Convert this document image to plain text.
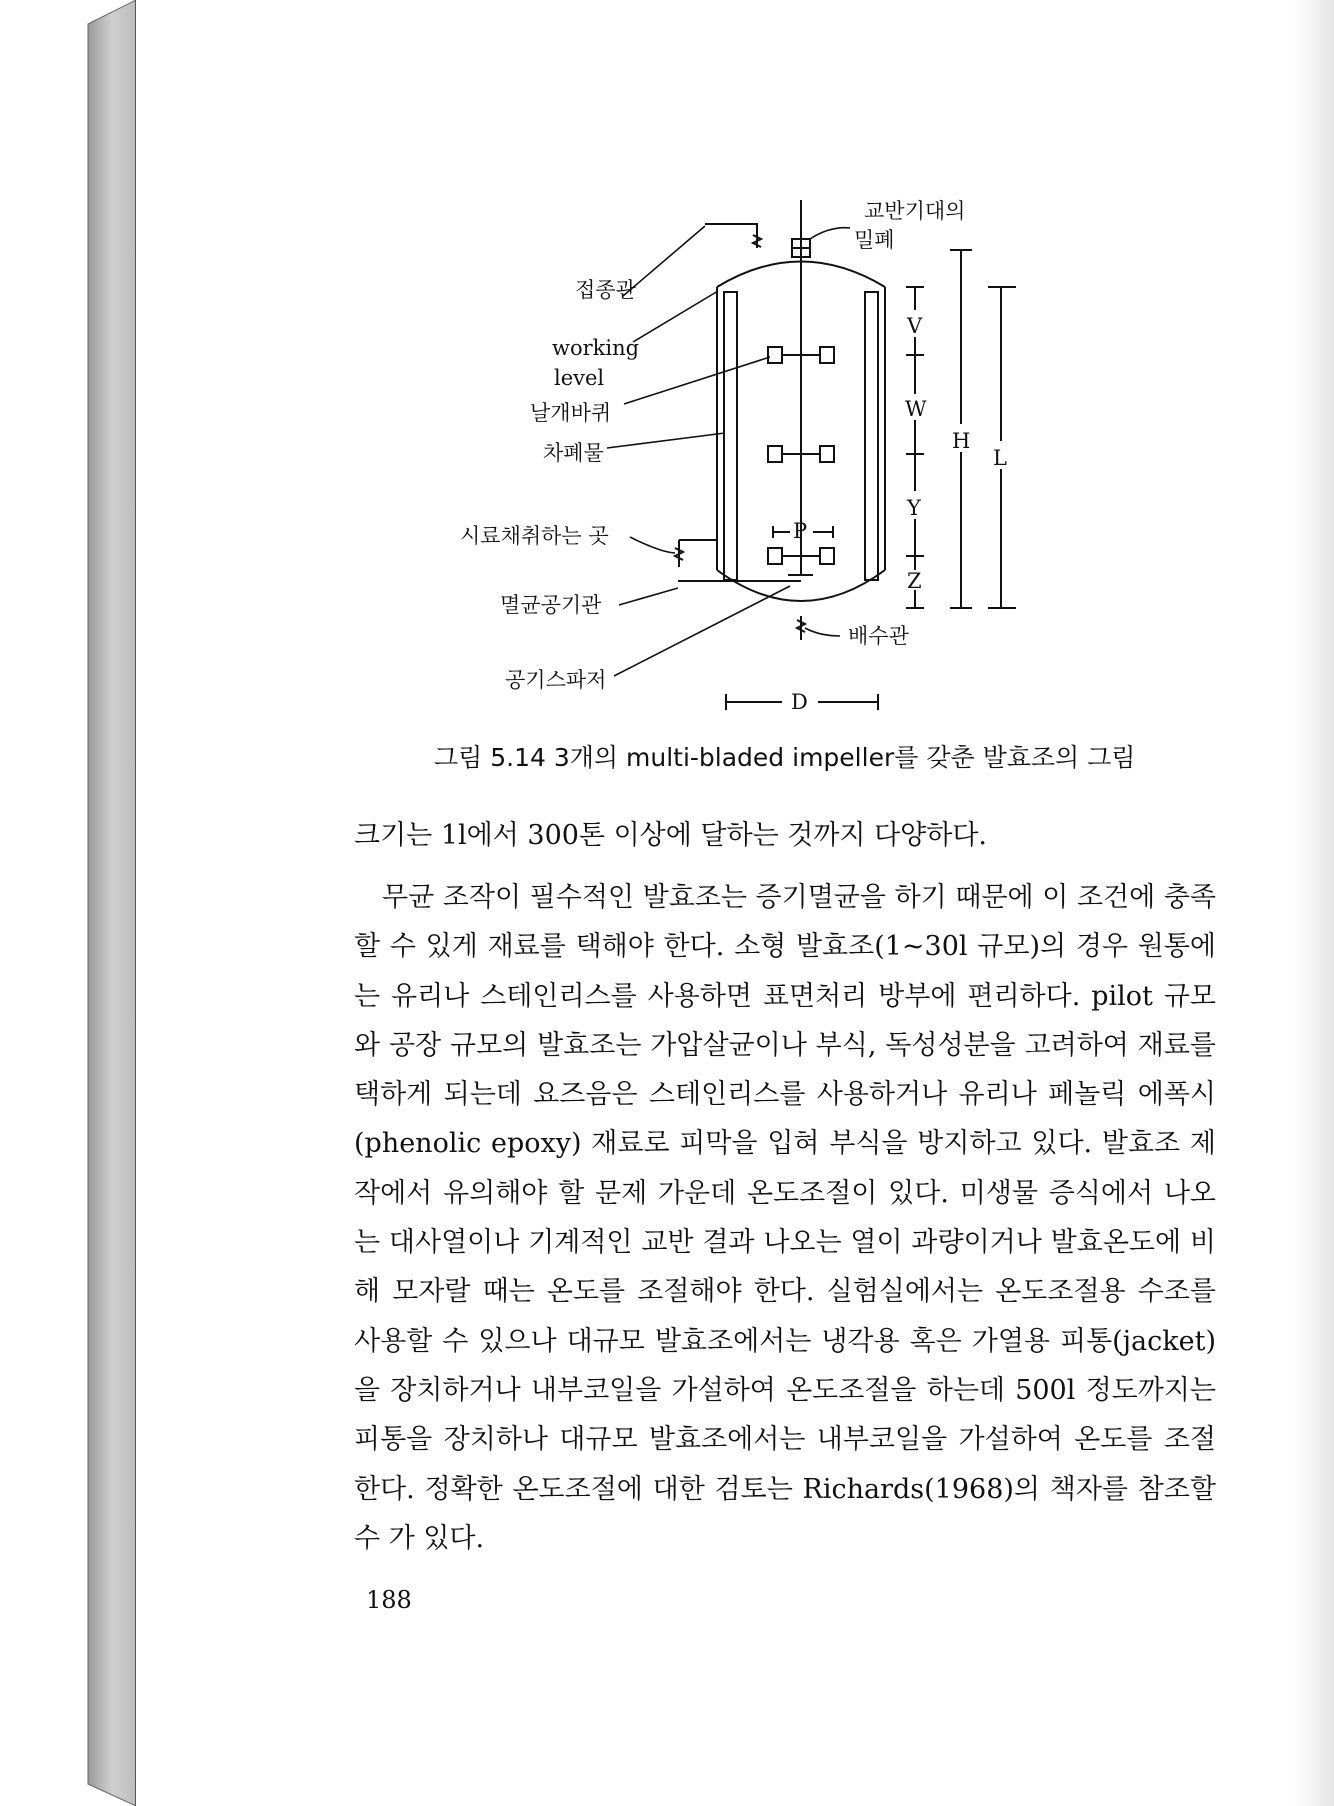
교반기대의
밀폐
접종관
working
level
날개바퀴
차폐물
시료채취하는 곳
멸균공기관
공기스파저
배수관
V
W
Y
Z
H
L
P
D
그림 5.14 3개의 multi-bladed impeller를 갖춘 발효조의 그림

크기는 1l에서 300톤 이상에 달하는 것까지 다양하다.

무균 조작이 필수적인 발효조는 증기멸균을 하기 때문에 이 조건에 충족할 수 있게 재료를 택해야 한다. 소형 발효조(1~30l 규모)의 경우 원통에는 유리나 스테인리스를 사용하면 표면처리 방부에 편리하다. pilot 규모와 공장 규모의 발효조는 가압살균이나 부식, 독성성분을 고려하여 재료를 택하게 되는데 요즈음은 스테인리스를 사용하거나 유리나 페놀릭 에폭시(phenolic epoxy) 재료로 피막을 입혀 부식을 방지하고 있다. 발효조 제작에서 유의해야 할 문제 가운데 온도조절이 있다. 미생물 증식에서 나오는 대사열이나 기계적인 교반 결과 나오는 열이 과량이거나 발효온도에 비해 모자랄 때는 온도를 조절해야 한다. 실험실에서는 온도조절용 수조를 사용할 수 있으나 대규모 발효조에서는 냉각용 혹은 가열용 피통(jacket)을 장치하거나 내부코일을 가설하여 온도조절을 하는데 500l 정도까지는 피통을 장치하나 대규모 발효조에서는 내부코일을 가설하여 온도를 조절한다. 정확한 온도조절에 대한 검토는 Richards(1968)의 책자를 참조할 수 가 있다.

188
